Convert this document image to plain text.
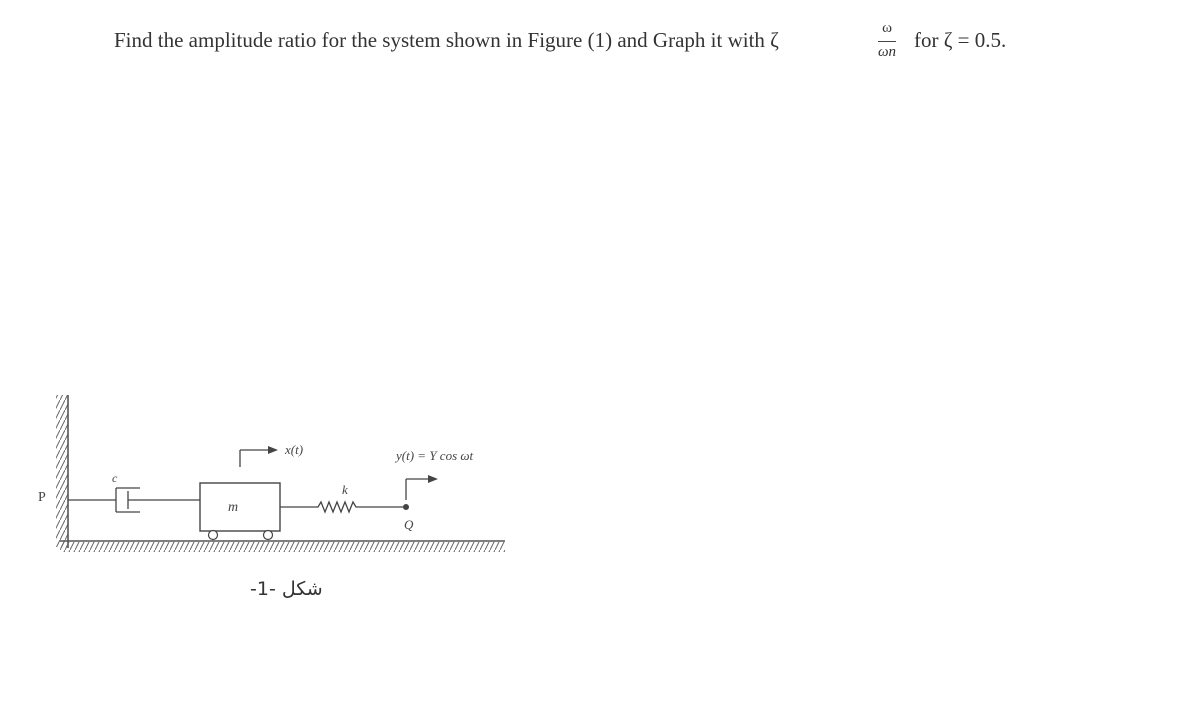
Find the amplitude ratio for the system shown in Figure (1) and Graph it with ζ	ω
ωn for ζ = 0.5.
P
c
m
k
Q
x(t)	y(t) = Y cos ωt
شكل -1-
